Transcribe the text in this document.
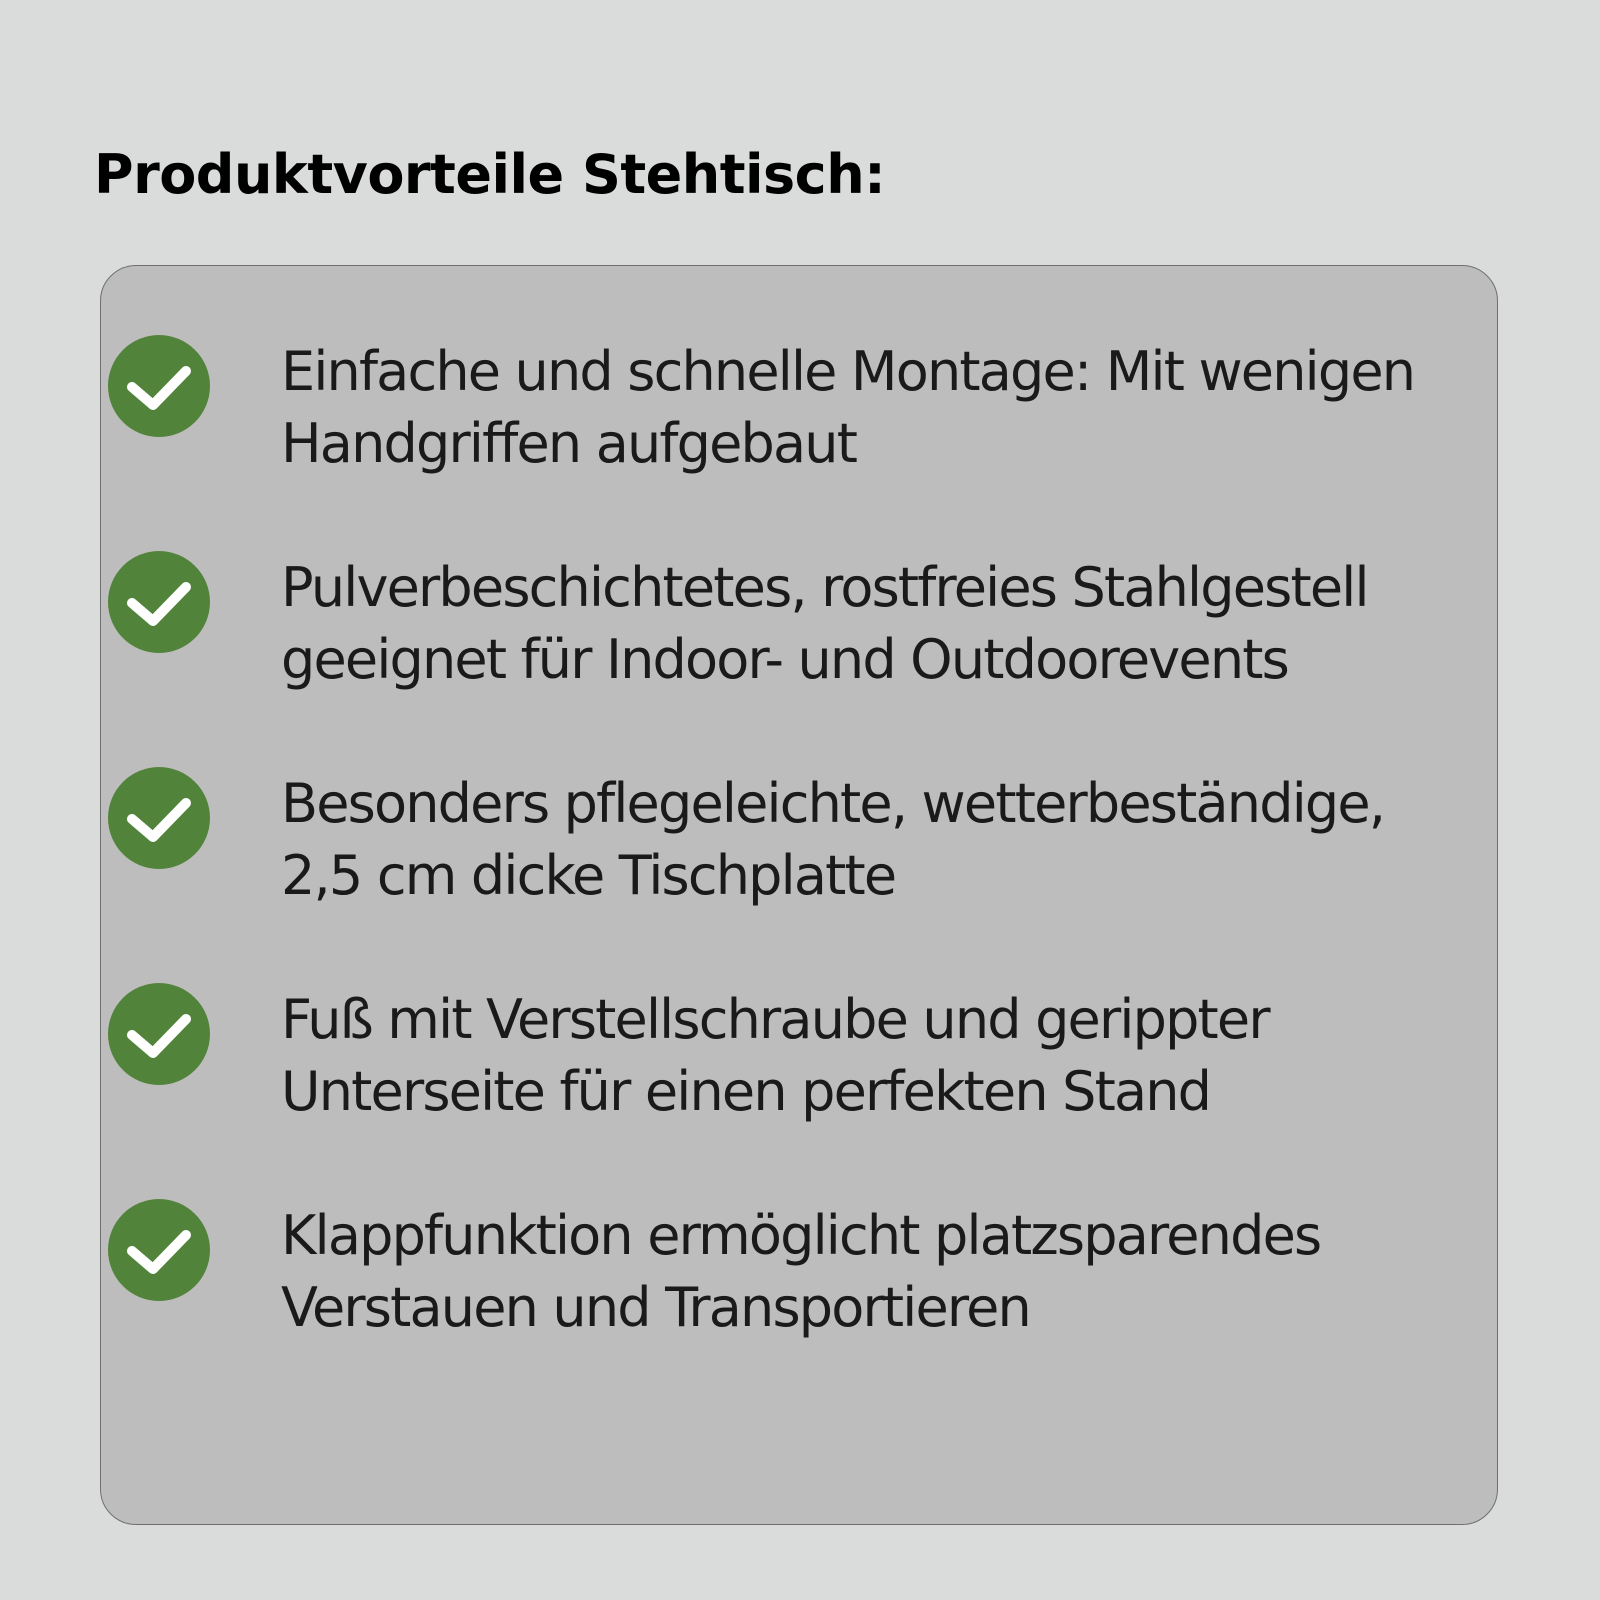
Produktvorteile Stehtisch:

Einfache und schnelle Montage: Mit wenigen
Handgriffen aufgebaut

Pulverbeschichtetes, rostfreies Stahlgestell
geeignet für Indoor- und Outdoorevents

Besonders pflegeleichte, wetterbeständige,
2,5 cm dicke Tischplatte

Fuß mit Verstellschraube und gerippter
Unterseite für einen perfekten Stand

Klappfunktion ermöglicht platzsparendes
Verstauen und Transportieren
